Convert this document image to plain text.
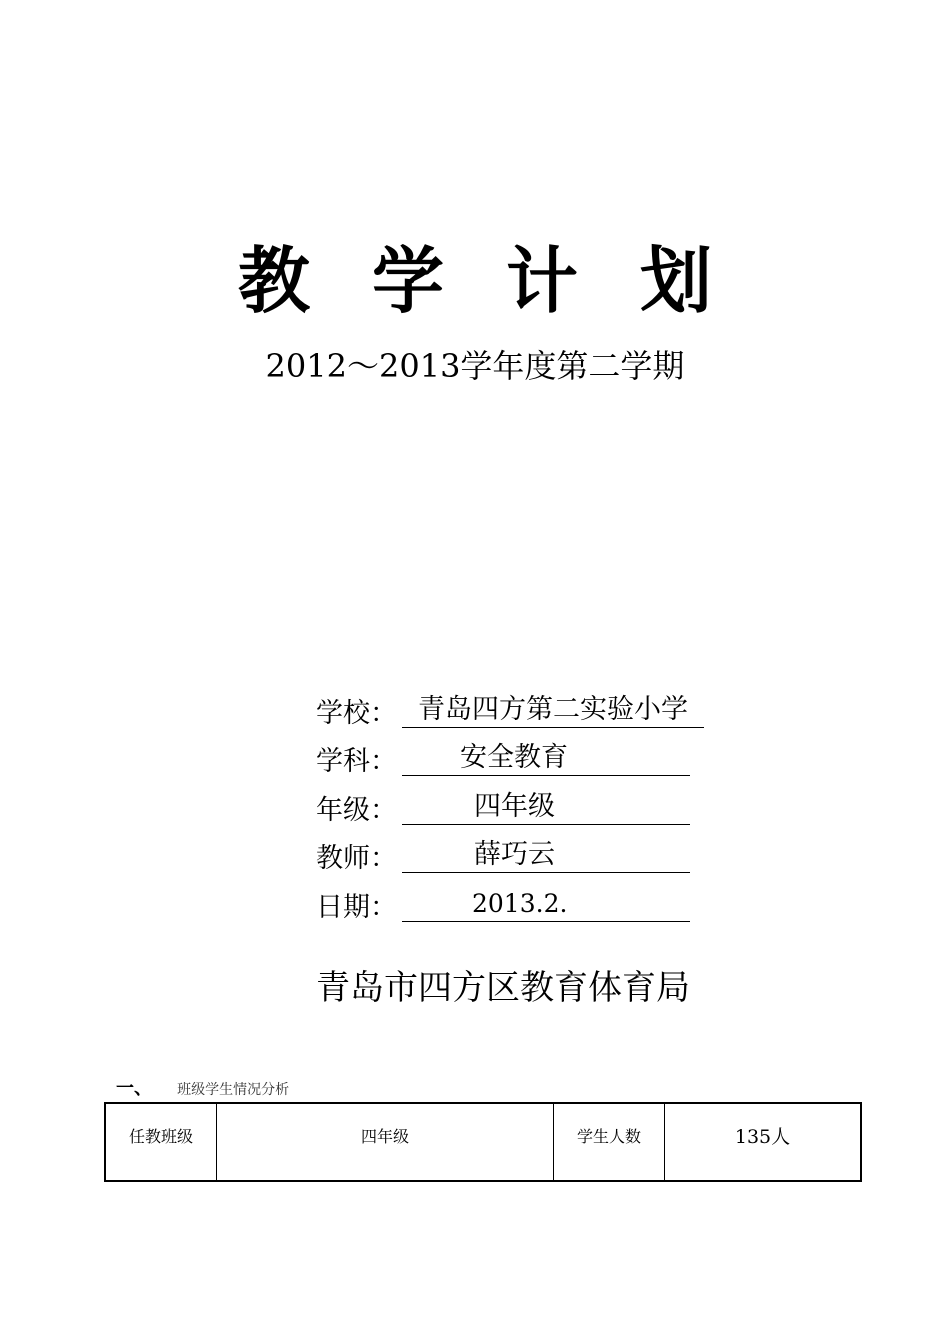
教学计划
2012～2013学年度第二学期
学校： 青岛四方第二实验小学
学科：	安全教育
年级：	四年级
教师：	薛巧云
日期：	2013.2.
青岛市四方区教育体育局
一、 班级学生情况分析
任教班级	四年级	学生人数	135人
